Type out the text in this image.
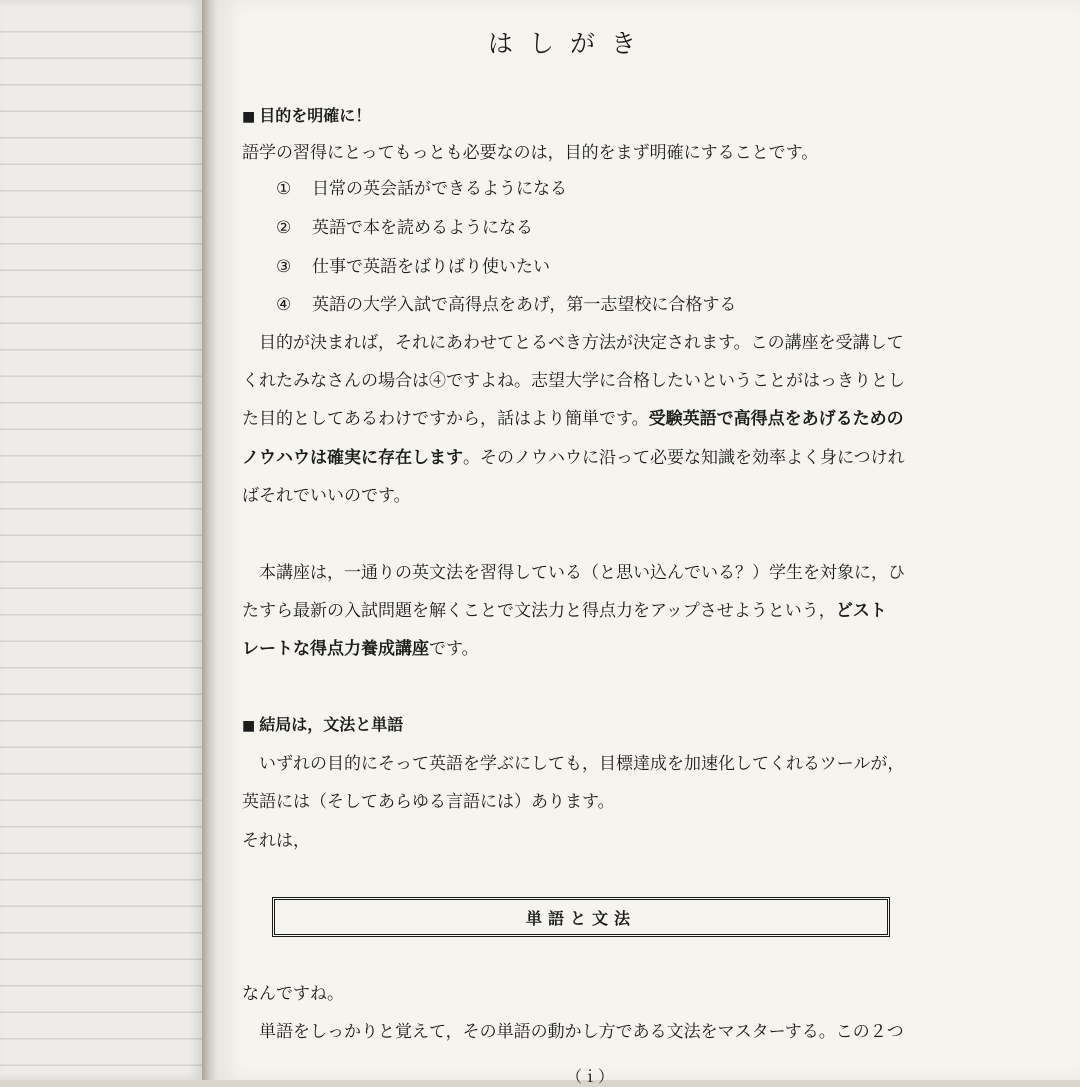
はしがき
■ 目的を明確に！
語学の習得にとってもっとも必要なのは，目的をまず明確にすることです。
① 日常の英会話ができるようになる
② 英語で本を読めるようになる
③ 仕事で英語をばりばり使いたい
④ 英語の大学入試で高得点をあげ，第一志望校に合格する
目的が決まれば，それにあわせてとるべき方法が決定されます。この講座を受講して
くれたみなさんの場合は④ですよね。志望大学に合格したいということがはっきりとし
た目的としてあるわけですから，話はより簡単です。受験英語で高得点をあげるための
ノウハウは確実に存在します。そのノウハウに沿って必要な知識を効率よく身につけれ
ばそれでいいのです。
本講座は，一通りの英文法を習得している（と思い込んでいる？）学生を対象に，ひ
たすら最新の入試問題を解くことで文法力と得点力をアップさせようという，どスト
レートな得点力養成講座です。
■ 結局は，文法と単語
いずれの目的にそって英語を学ぶにしても，目標達成を加速化してくれるツールが，
英語には（そしてあらゆる言語には）あります。
それは，
単語と文法
なんですね。
単語をしっかりと覚えて，その単語の動かし方である文法をマスターする。この２つ
（ｉ）
